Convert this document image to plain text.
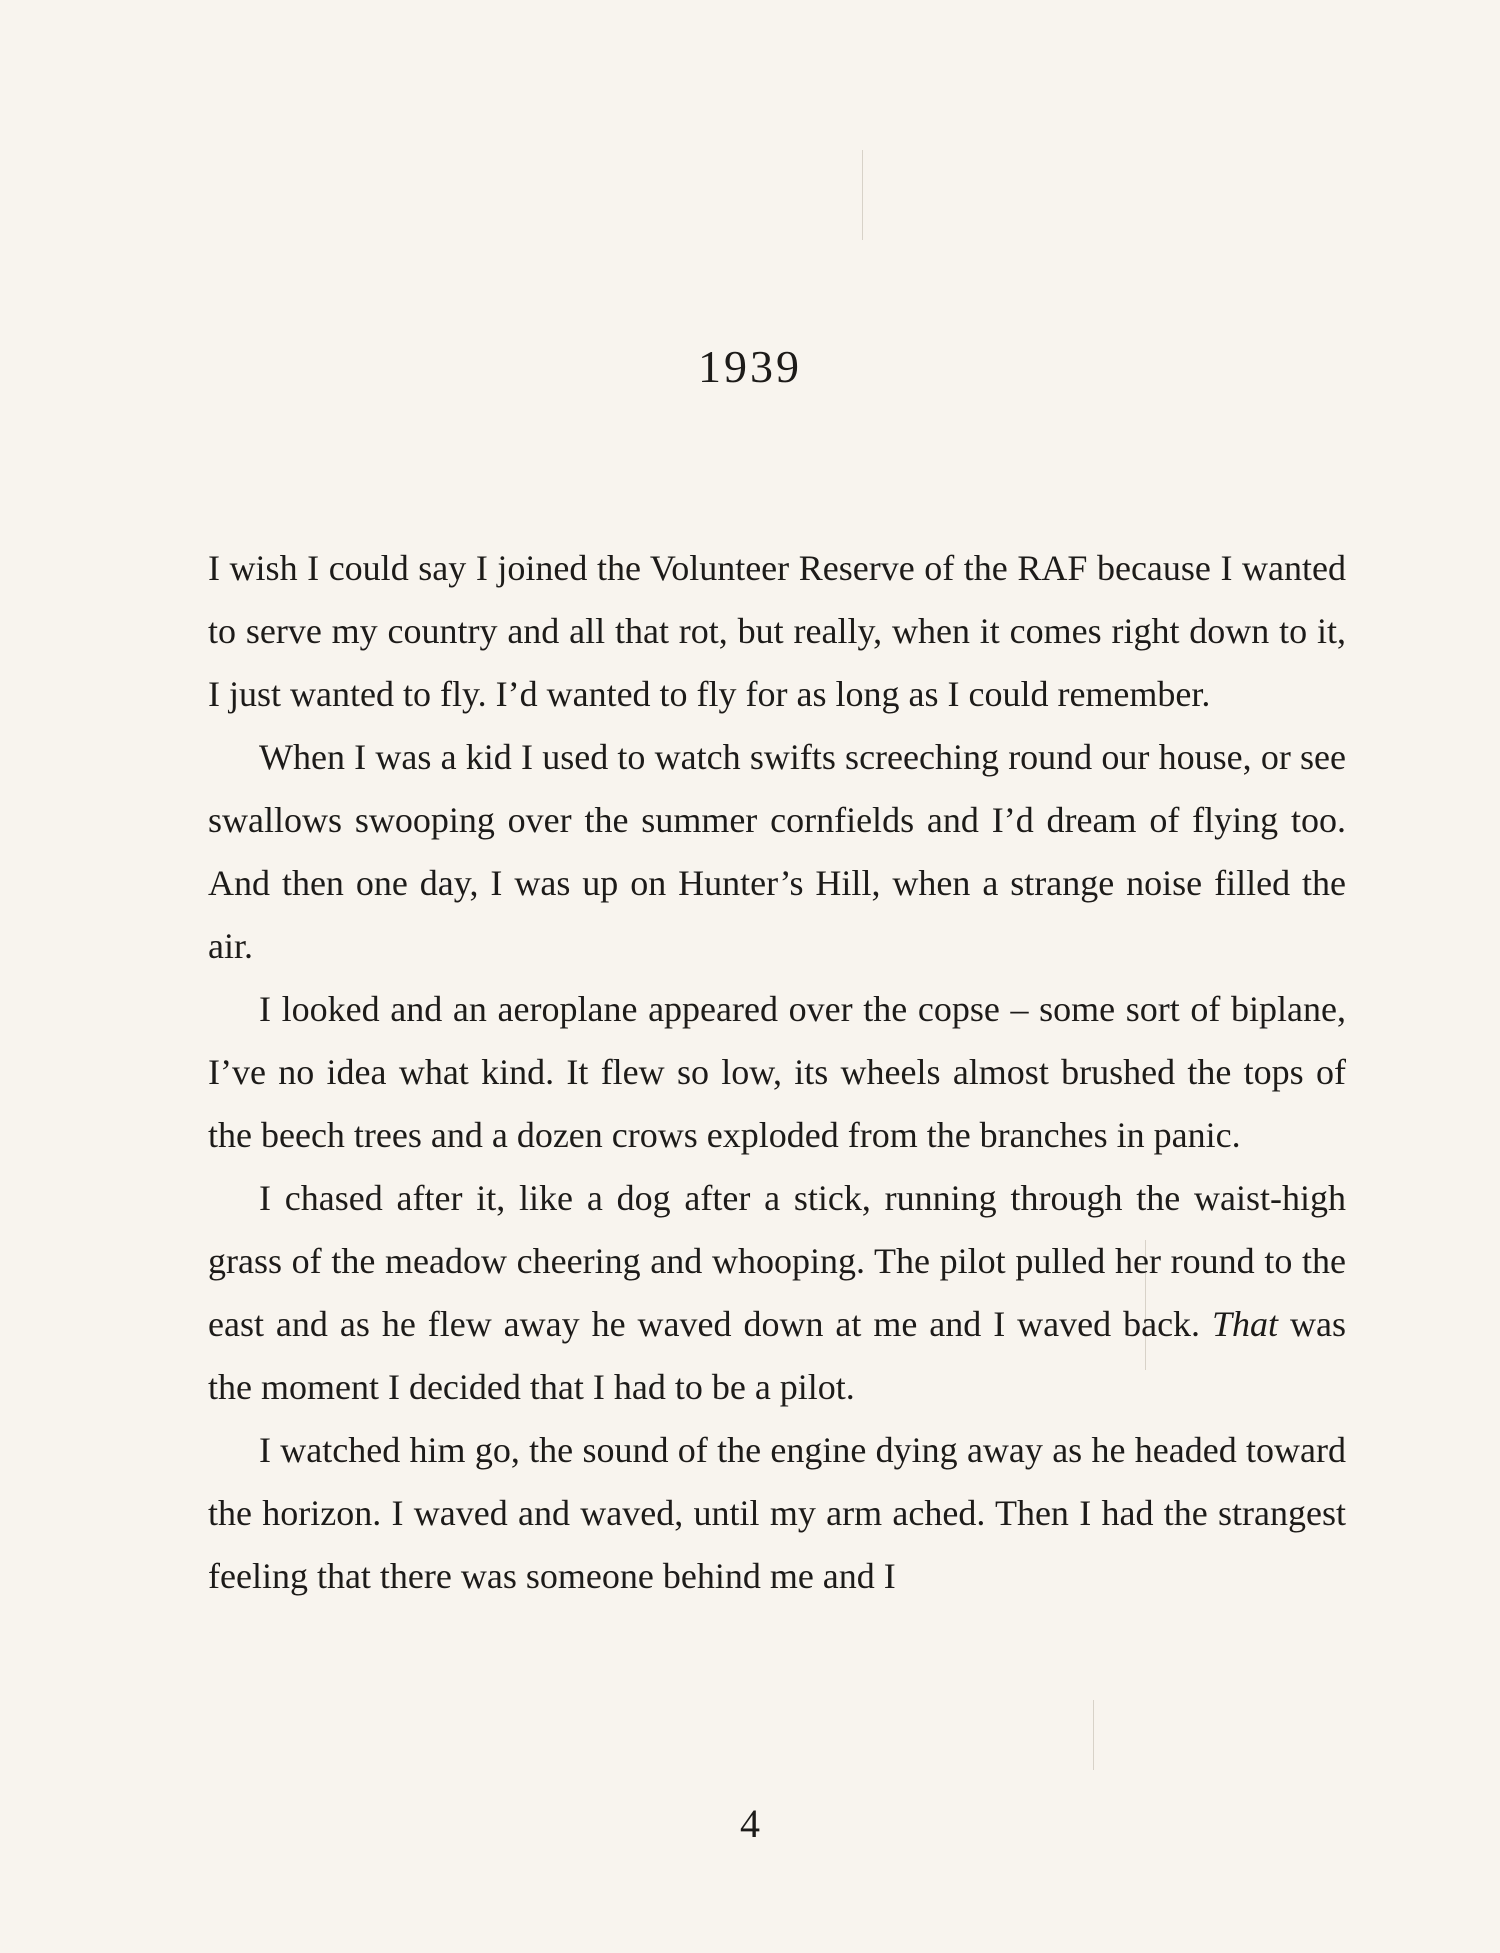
1939

I wish I could say I joined the Volunteer Reserve of the RAF because I wanted to serve my country and all that rot, but really, when it comes right down to it, I just wanted to fly. I’d wanted to fly for as long as I could remember.

When I was a kid I used to watch swifts screeching round our house, or see swallows swooping over the summer cornfields and I’d dream of flying too. And then one day, I was up on Hunter’s Hill, when a strange noise filled the air.

I looked and an aeroplane appeared over the copse – some sort of biplane, I’ve no idea what kind. It flew so low, its wheels almost brushed the tops of the beech trees and a dozen crows exploded from the branches in panic.

I chased after it, like a dog after a stick, running through the waist-high grass of the meadow cheering and whooping. The pilot pulled her round to the east and as he flew away he waved down at me and I waved back. That was the moment I decided that I had to be a pilot.

I watched him go, the sound of the engine dying away as he headed toward the horizon. I waved and waved, until my arm ached. Then I had the strangest feeling that there was someone behind me and I

4
